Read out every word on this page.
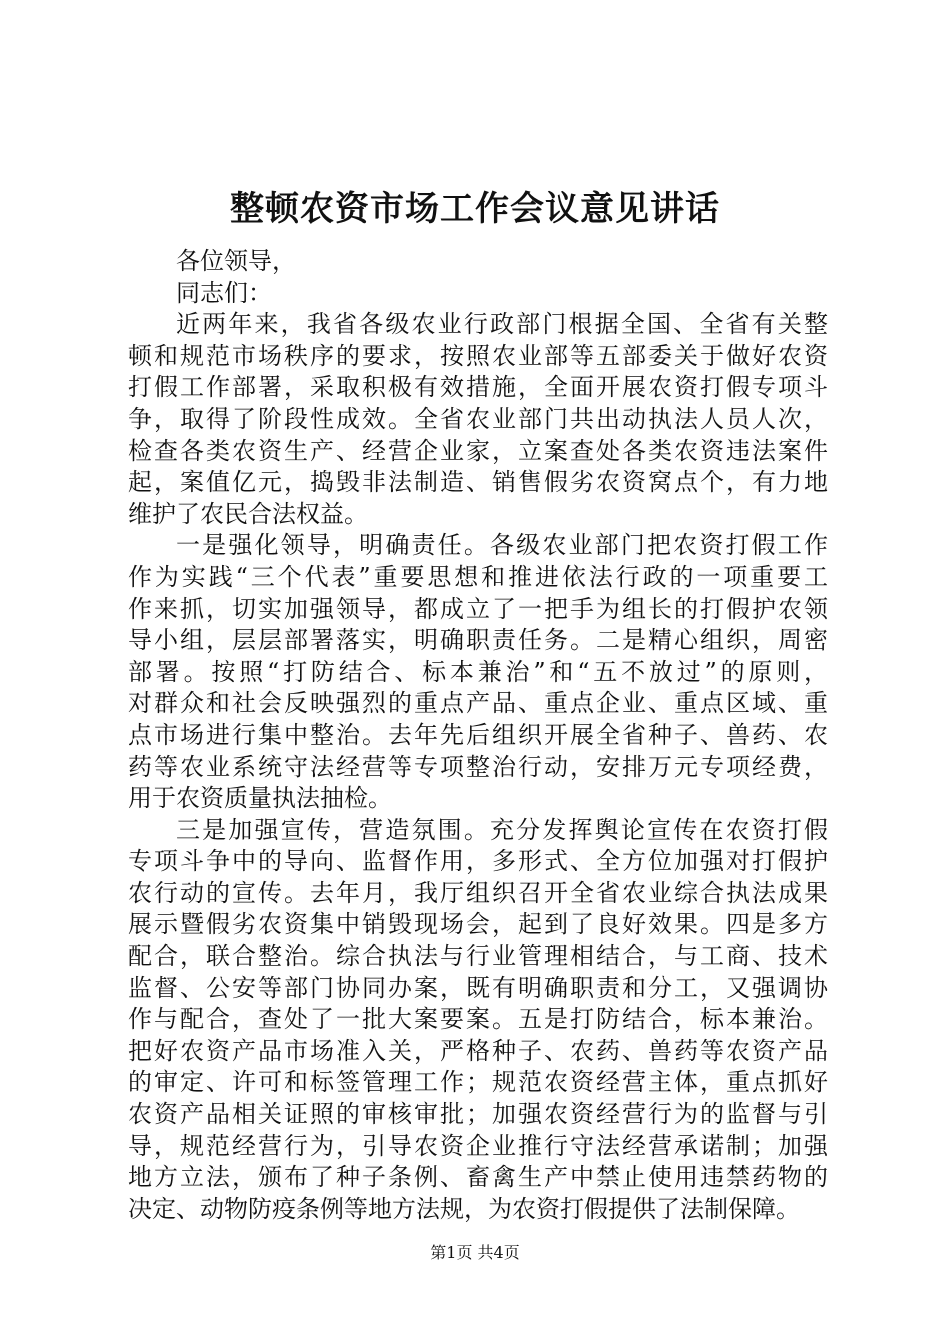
整顿农资市场工作会议意见讲话
各位领导，
同志们：
近两年来，我省各级农业行政部门根据全国、全省有关整
顿和规范市场秩序的要求，按照农业部等五部委关于做好农资
打假工作部署，采取积极有效措施，全面开展农资打假专项斗
争，取得了阶段性成效。全省农业部门共出动执法人员人次，
检查各类农资生产、经营企业家，立案查处各类农资违法案件
起，案值亿元，捣毁非法制造、销售假劣农资窝点个，有力地
维护了农民合法权益。
一是强化领导，明确责任。各级农业部门把农资打假工作
作为实践“三个代表”重要思想和推进依法行政的一项重要工
作来抓，切实加强领导，都成立了一把手为组长的打假护农领
导小组，层层部署落实，明确职责任务。二是精心组织，周密
部署。按照“打防结合、标本兼治”和“五不放过”的原则，
对群众和社会反映强烈的重点产品、重点企业、重点区域、重
点市场进行集中整治。去年先后组织开展全省种子、兽药、农
药等农业系统守法经营等专项整治行动，安排万元专项经费，
用于农资质量执法抽检。
三是加强宣传，营造氛围。充分发挥舆论宣传在农资打假
专项斗争中的导向、监督作用，多形式、全方位加强对打假护
农行动的宣传。去年月，我厅组织召开全省农业综合执法成果
展示暨假劣农资集中销毁现场会，起到了良好效果。四是多方
配合，联合整治。综合执法与行业管理相结合，与工商、技术
监督、公安等部门协同办案，既有明确职责和分工，又强调协
作与配合，查处了一批大案要案。五是打防结合，标本兼治。
把好农资产品市场准入关，严格种子、农药、兽药等农资产品
的审定、许可和标签管理工作；规范农资经营主体，重点抓好
农资产品相关证照的审核审批；加强农资经营行为的监督与引
导，规范经营行为，引导农资企业推行守法经营承诺制；加强
地方立法，颁布了种子条例、畜禽生产中禁止使用违禁药物的
决定、动物防疫条例等地方法规，为农资打假提供了法制保障。
第1页 共4页
